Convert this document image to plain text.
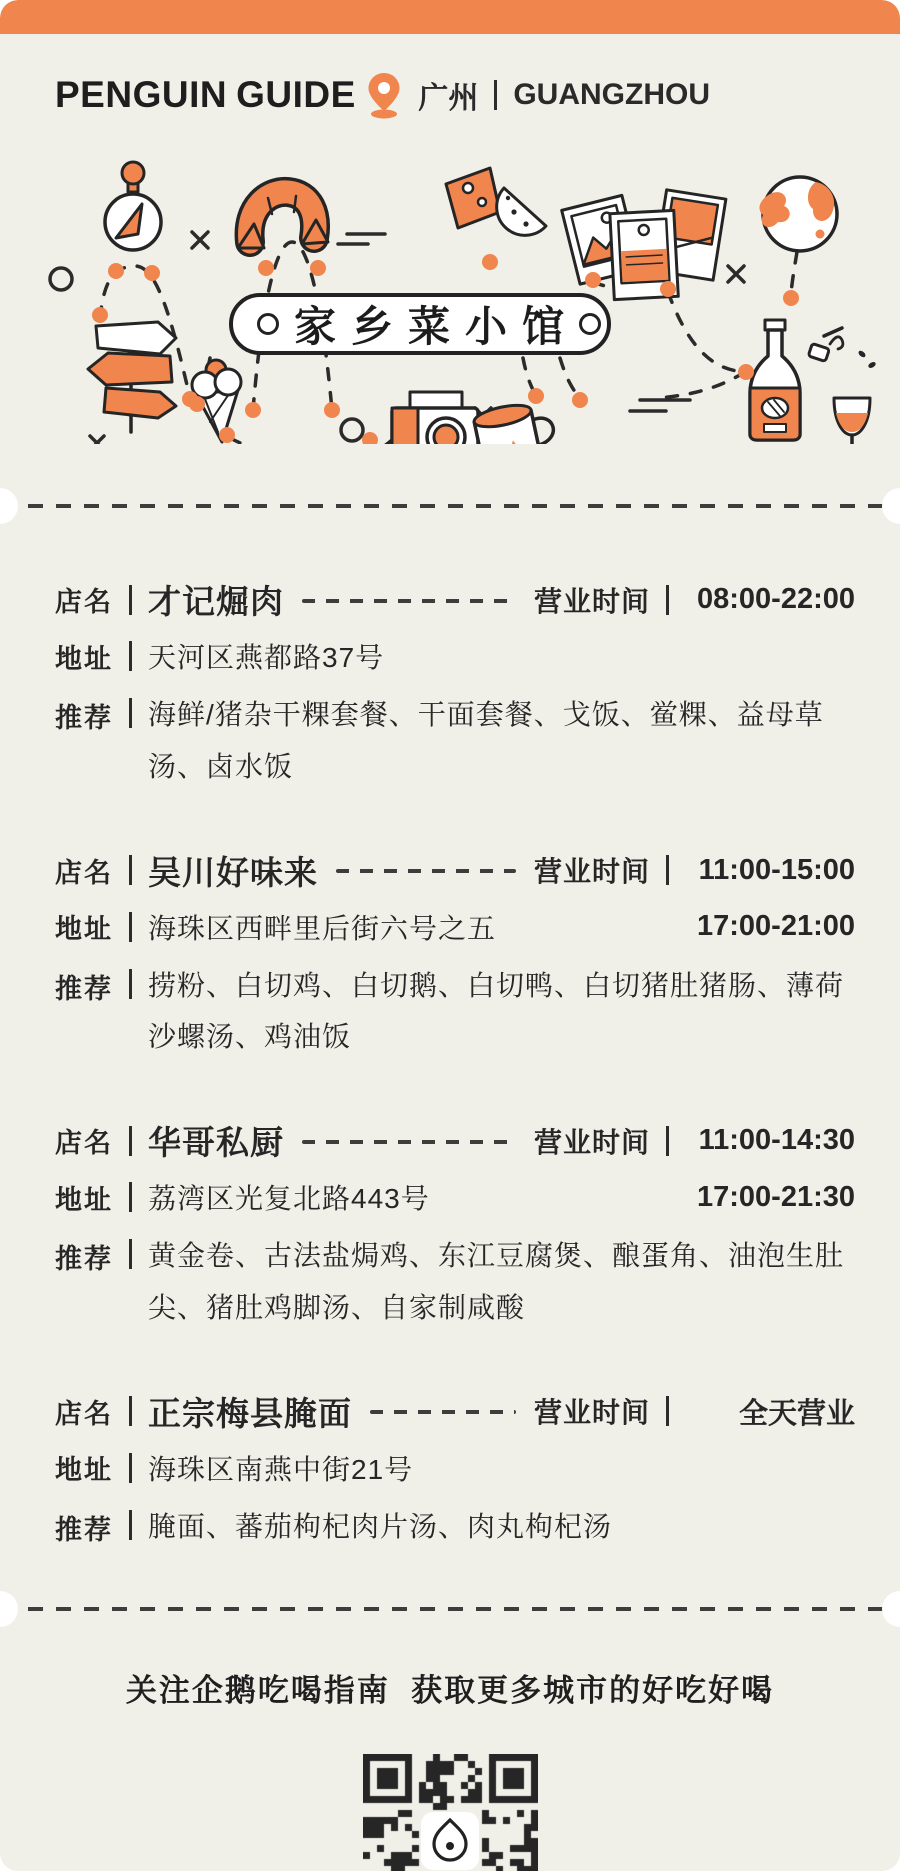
PENGUIN GUIDE 广州 GUANGZHOU
家乡菜小馆
店名 才记煀肉	营业时间	08:00-22:00
地址 天河区燕都路37号
推荐 海鲜/猪杂干粿套餐、干面套餐、戈饭、鲎粿、益母草汤、卤水饭
店名 吴川好味来	营业时间	11:00-15:00
地址 海珠区西畔里后街六号之五	17:00-21:00
推荐 捞粉、白切鸡、白切鹅、白切鸭、白切猪肚猪肠、薄荷沙螺汤、鸡油饭
店名 华哥私厨	营业时间	11:00-14:30
地址 荔湾区光复北路443号	17:00-21:30
推荐 黄金卷、古法盐焗鸡、东江豆腐煲、酿蛋角、油泡生肚尖、猪肚鸡脚汤、自家制咸酸
店名 正宗梅县腌面	营业时间	全天营业
地址 海珠区南燕中街21号
推荐 腌面、蕃茄枸杞肉片汤、肉丸枸杞汤
关注企鹅吃喝指南  获取更多城市的好吃好喝
